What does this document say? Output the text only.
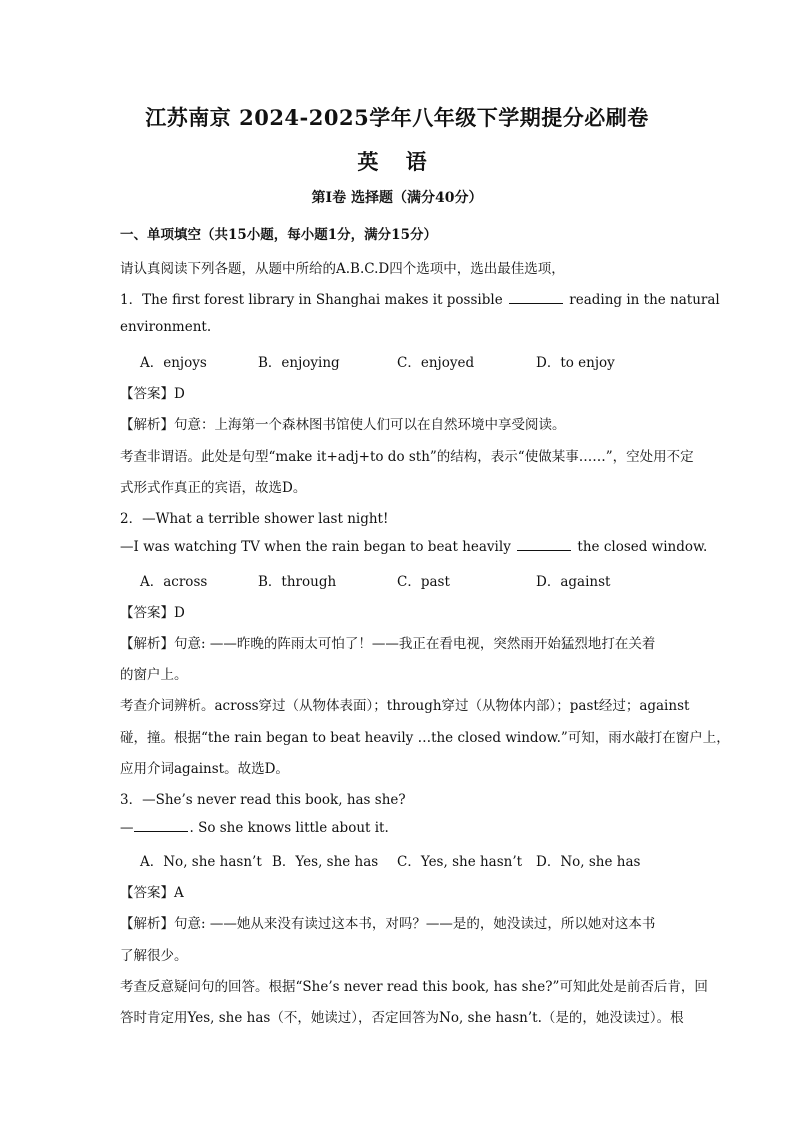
江苏南京 2024-2025学年八年级下学期提分必刷卷
英 语
第Ⅰ卷 选择题（满分40分）
一、单项填空（共15小题，每小题1分，满分15分）
请认真阅读下列各题，从题中所给的A.B.C.D四个选项中，选出最佳选项，
1．The first forest library in Shanghai makes it possible	reading in the natural
environment.
A．enjoys	B．enjoying	C．enjoyed	D．to enjoy
【答案】D
【解析】句意：上海第一个森林图书馆使人们可以在自然环境中享受阅读。
考查非谓语。此处是句型“make it+adj+to do sth”的结构，表示“使做某事……”，空处用不定
式形式作真正的宾语，故选D。
2．—What a terrible shower last night!
—I was watching TV when the rain began to beat heavily	the closed window.
A．across	B．through	C．past	D．against
【答案】D
【解析】句意: ——昨晚的阵雨太可怕了！——我正在看电视，突然雨开始猛烈地打在关着
的窗户上。
考查介词辨析。across穿过（从物体表面）；through穿过（从物体内部）；past经过；against
碰，撞。根据“the rain began to beat heavily …the closed window.”可知，雨水敲打在窗户上，
应用介词against。故选D。
3．—She’s never read this book, has she?
—	. So she knows little about it.
A．No, she hasn’t B．Yes, she has C．Yes, she hasn’t D．No, she has
【答案】A
【解析】句意: ——她从来没有读过这本书，对吗？——是的，她没读过，所以她对这本书
了解很少。
考查反意疑问句的回答。根据“She’s never read this book, has she?”可知此处是前否后肯，回
答时肯定用Yes, she has（不，她读过），否定回答为No, she hasn’t.（是的，她没读过）。根
